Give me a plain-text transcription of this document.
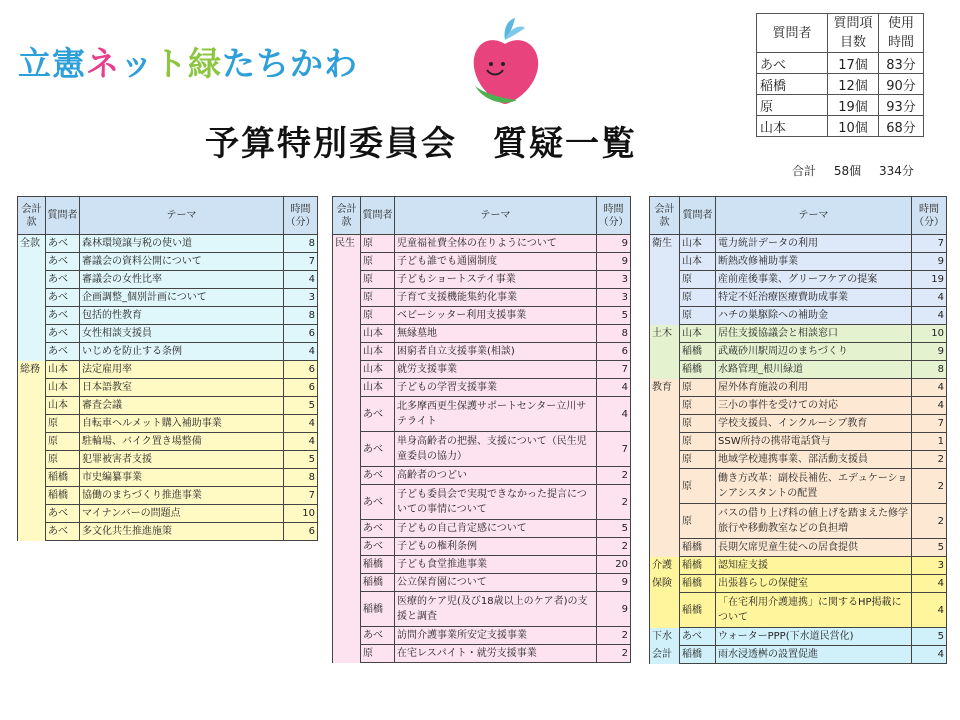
立憲ネット緑たちかわ
予算特別委員会　質疑一覧
質問者	質問項目数	使用時間
あべ	17個	83分
稲橋	12個	90分
原	19個	93分
山本	10個	68分
合計 58個 334分
会計款	質問者	テーマ	時間（分）
全款	あべ	森林環境譲与税の使い道	8
	あべ	審議会の資料公開について	7
	あべ	審議会の女性比率	4
	あべ	企画調整_個別計画について	3
	あべ	包括的性教育	8
	あべ	女性相談支援員	6
	あべ	いじめを防止する条例	4
総務	山本	法定雇用率	6
	山本	日本語教室	6
	山本	審査会議	5
	原	自転車ヘルメット購入補助事業	4
	原	駐輪場、バイク置き場整備	4
	原	犯罪被害者支援	5
	稲橋	市史編纂事業	8
	稲橋	協働のまちづくり推進事業	7
	あべ	マイナンバーの問題点	10
	あべ	多文化共生推進施策	6
会計款	質問者	テーマ	時間（分）
民生	原	児童福祉費全体の在りようについて	9
	原	子ども誰でも通園制度	9
	原	子どもショートステイ事業	3
	原	子育て支援機能集約化事業	3
	原	ベビーシッター利用支援事業	5
	山本	無縁墓地	8
	山本	困窮者自立支援事業(相談)	6
	山本	就労支援事業	7
	山本	子どもの学習支援事業	4
	あべ	北多摩西更生保護サポートセンター立川サテライト	4
	あべ	単身高齢者の把握、支援について（民生児童委員の協力）	7
	あべ	高齢者のつどい	2
	あべ	子ども委員会で実現できなかった提言についての事情について	2
	あべ	子どもの自己肯定感について	5
	あべ	子どもの権利条例	2
	稲橋	子ども食堂推進事業	20
	稲橋	公立保育園について	9
	稲橋	医療的ケア児(及び18歳以上のケア者)の支援と調査	9
	あべ	訪問介護事業所安定支援事業	2
	原	在宅レスパイト・就労支援事業	2
会計款	質問者	テーマ	時間（分）
衛生	山本	電力統計データの利用	7
	山本	断熱改修補助事業	9
	原	産前産後事業、グリーフケアの提案	19
	原	特定不妊治療医療費助成事業	4
	原	ハチの巣駆除への補助金	4
土木	山本	居住支援協議会と相談窓口	10
	稲橋	武蔵砂川駅周辺のまちづくり	9
	稲橋	水路管理_根川緑道	8
教育	原	屋外体育施設の利用	4
	原	三小の事件を受けての対応	4
	原	学校支援員、インクルーシブ教育	7
	原	SSW所持の携帯電話貸与	1
	原	地域学校連携事業、部活動支援員	2
	原	働き方改革：副校長補佐、エデュケーションアシスタントの配置	2
	原	バスの借り上げ料の値上げを踏まえた修学旅行や移動教室などの負担増	2
	稲橋	長期欠席児童生徒への居食提供	5
介護	稲橋	認知症支援	3
保険	稲橋	出張暮らしの保健室	4
	稲橋	「在宅利用介護連携」に関するHP掲載について	4
下水	あべ	ウォーターPPP(下水道民営化)	5
会計	稲橋	雨水浸透桝の設置促進	4
